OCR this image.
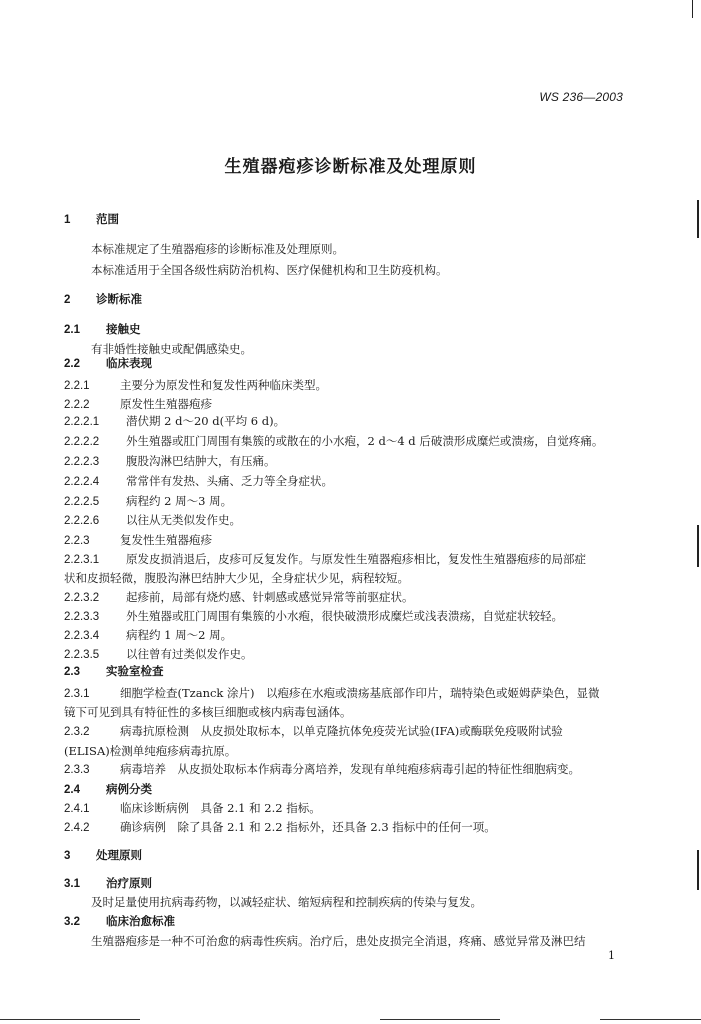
WS 236—2003
生殖器疱疹诊断标准及处理原则
1 范围
本标准规定了生殖器疱疹的诊断标准及处理原则。
本标准适用于全国各级性病防治机构、医疗保健机构和卫生防疫机构。
2 诊断标准
2.1 接触史
有非婚性接触史或配偶感染史。
2.2 临床表现
2.2.1	主要分为原发性和复发性两种临床类型。
2.2.2	原发性生殖器疱疹
2.2.2.1 潜伏期 2 d～20 d(平均 6 d)。
2.2.2.2 外生殖器或肛门周围有集簇的或散在的小水疱，2 d～4 d 后破溃形成糜烂或溃疡，自觉疼痛。
2.2.2.3 腹股沟淋巴结肿大，有压痛。
2.2.2.4 常常伴有发热、头痛、乏力等全身症状。
2.2.2.5 病程约 2 周～3 周。
2.2.2.6 以往从无类似发作史。
2.2.3	复发性生殖器疱疹
2.2.3.1 原发皮损消退后，皮疹可反复发作。与原发性生殖器疱疹相比，复发性生殖器疱疹的局部症
状和皮损轻微，腹股沟淋巴结肿大少见，全身症状少见，病程较短。
2.2.3.2 起疹前，局部有烧灼感、针刺感或感觉异常等前驱症状。
2.2.3.3 外生殖器或肛门周围有集簇的小水疱，很快破溃形成糜烂或浅表溃疡，自觉症状较轻。
2.2.3.4 病程约 1 周～2 周。
2.2.3.5 以往曾有过类似发作史。
2.3 实验室检查
2.3.1	细胞学检查(Tzanck 涂片)　以疱疹在水疱或溃疡基底部作印片，瑞特染色或姬姆萨染色，显微
镜下可见到具有特征性的多核巨细胞或核内病毒包涵体。
2.3.2	病毒抗原检测　从皮损处取标本，以单克隆抗体免疫荧光试验(IFA)或酶联免疫吸附试验
(ELISA)检测单纯疱疹病毒抗原。
2.3.3	病毒培养　从皮损处取标本作病毒分离培养，发现有单纯疱疹病毒引起的特征性细胞病变。
2.4 病例分类
2.4.1	临床诊断病例　具备 2.1 和 2.2 指标。
2.4.2	确诊病例　除了具备 2.1 和 2.2 指标外，还具备 2.3 指标中的任何一项。
3 处理原则
3.1 治疗原则
及时足量使用抗病毒药物，以减轻症状、缩短病程和控制疾病的传染与复发。
3.2 临床治愈标准
生殖器疱疹是一种不可治愈的病毒性疾病。治疗后，患处皮损完全消退，疼痛、感觉异常及淋巴结
1
